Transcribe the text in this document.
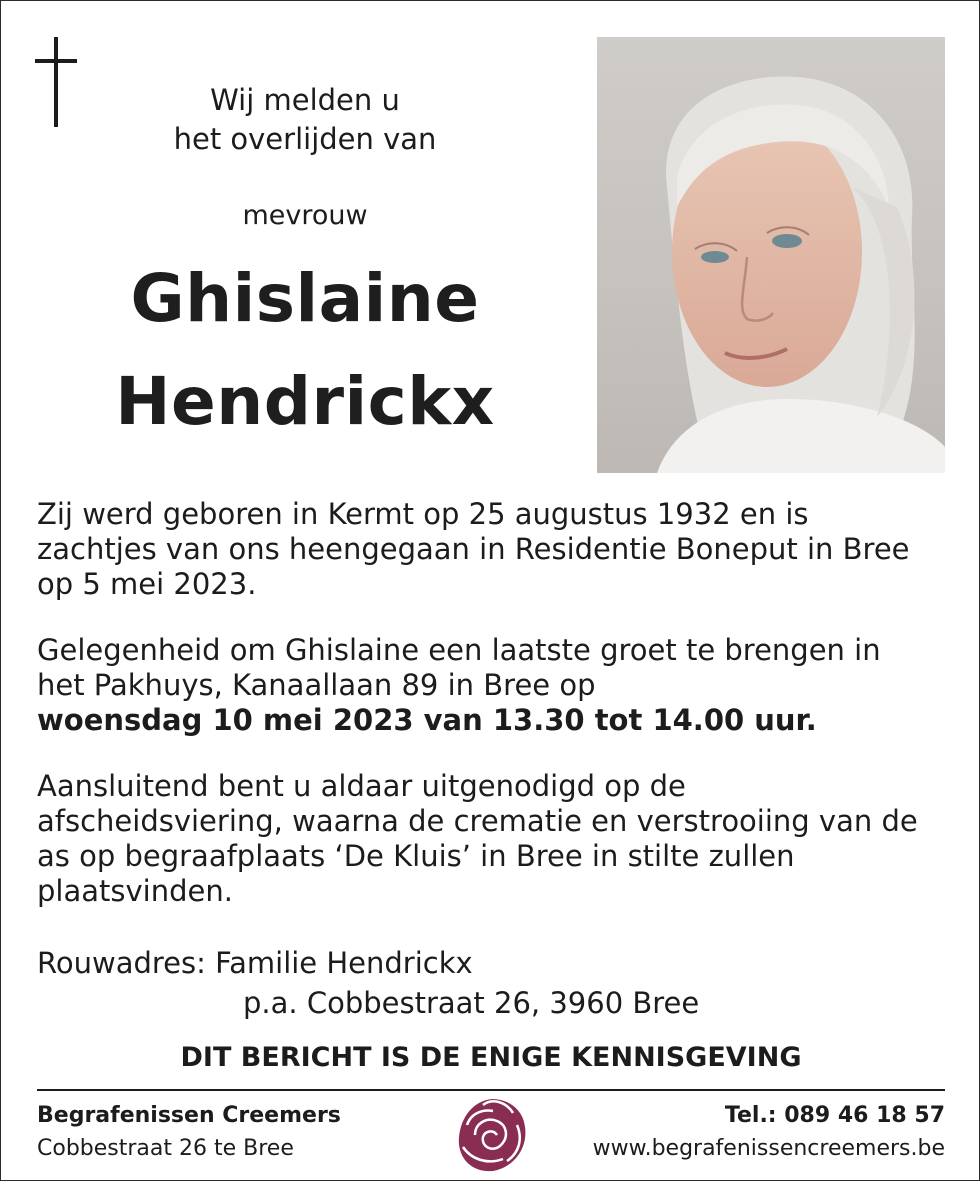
Wij melden u
het overlijden van
mevrouw
Ghislaine
Hendrickx

Zij werd geboren in Kermt op 25 augustus 1932 en is zachtjes van ons heengegaan in Residentie Boneput in Bree op 5 mei 2023.

Gelegenheid om Ghislaine een laatste groet te brengen in het Pakhuys, Kanaallaan 89 in Bree op
woensdag 10 mei 2023 van 13.30 tot 14.00 uur.

Aansluitend bent u aldaar uitgenodigd op de afscheidsviering, waarna de crematie en verstrooiing van de as op begraafplaats ‘De Kluis’ in Bree in stilte zullen plaatsvinden.

Rouwadres: Familie Hendrickx
p.a. Cobbestraat 26, 3960 Bree
DIT BERICHT IS DE ENIGE KENNISGEVING
Begrafenissen Creemers
Cobbestraat 26 te Bree
Tel.: 089 46 18 57
www.begrafenissencreemers.be
